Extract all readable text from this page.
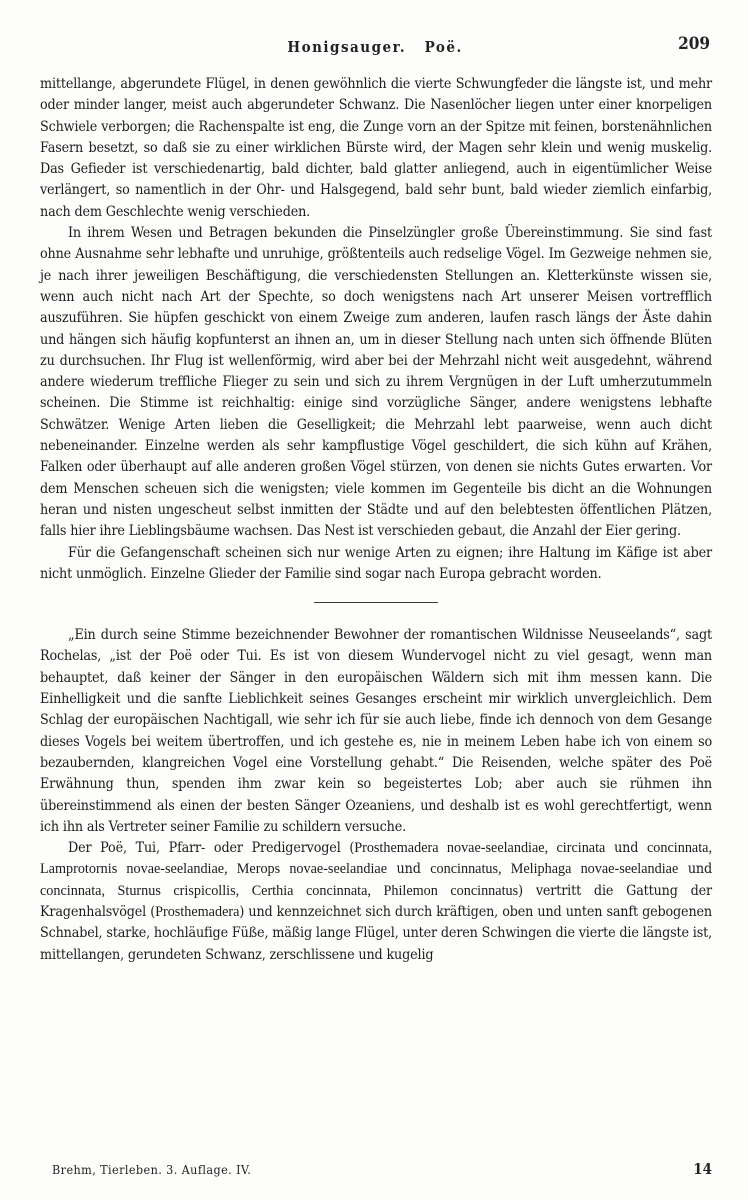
Honigsauger.   Poë.	209

mittellange, abgerundete Flügel, in denen gewöhnlich die vierte Schwungfeder die längste ist, und mehr oder minder langer, meist auch abgerundeter Schwanz. Die Nasenlöcher liegen unter einer knorpeligen Schwiele verborgen; die Rachenspalte ist eng, die Zunge vorn an der Spitze mit feinen, borstenähnlichen Fasern besetzt, so daß sie zu einer wirklichen Bürste wird, der Magen sehr klein und wenig muskelig. Das Gefieder ist verschiedenartig, bald dichter, bald glatter anliegend, auch in eigentümlicher Weise verlängert, so namentlich in der Ohr- und Halsgegend, bald sehr bunt, bald wieder ziemlich einfarbig, nach dem Geschlechte wenig verschieden.

In ihrem Wesen und Betragen bekunden die Pinselzüngler große Übereinstimmung. Sie sind fast ohne Ausnahme sehr lebhafte und unruhige, größtenteils auch redselige Vögel. Im Gezweige nehmen sie, je nach ihrer jeweiligen Beschäftigung, die verschiedensten Stellungen an. Kletterkünste wissen sie, wenn auch nicht nach Art der Spechte, so doch wenigstens nach Art unserer Meisen vortrefflich auszuführen. Sie hüpfen geschickt von einem Zweige zum anderen, laufen rasch längs der Äste dahin und hängen sich häufig kopfunterst an ihnen an, um in dieser Stellung nach unten sich öffnende Blüten zu durchsuchen. Ihr Flug ist wellenförmig, wird aber bei der Mehrzahl nicht weit ausgedehnt, während andere wiederum treffliche Flieger zu sein und sich zu ihrem Vergnügen in der Luft umherzutummeln scheinen. Die Stimme ist reichhaltig: einige sind vorzügliche Sänger, andere wenigstens lebhafte Schwätzer. Wenige Arten lieben die Geselligkeit; die Mehrzahl lebt paarweise, wenn auch dicht nebeneinander. Einzelne werden als sehr kampflustige Vögel geschildert, die sich kühn auf Krähen, Falken oder überhaupt auf alle anderen großen Vögel stürzen, von denen sie nichts Gutes erwarten. Vor dem Menschen scheuen sich die wenigsten; viele kommen im Gegenteile bis dicht an die Wohnungen heran und nisten ungescheut selbst inmitten der Städte und auf den belebtesten öffentlichen Plätzen, falls hier ihre Lieblingsbäume wachsen. Das Nest ist verschieden gebaut, die Anzahl der Eier gering.

Für die Gefangenschaft scheinen sich nur wenige Arten zu eignen; ihre Haltung im Käfige ist aber nicht unmöglich. Einzelne Glieder der Familie sind sogar nach Europa gebracht worden.

„Ein durch seine Stimme bezeichnender Bewohner der romantischen Wildnisse Neuseelands“, sagt Rochelas, „ist der Poë oder Tui. Es ist von diesem Wundervogel nicht zu viel gesagt, wenn man behauptet, daß keiner der Sänger in den europäischen Wäldern sich mit ihm messen kann. Die Einhelligkeit und die sanfte Lieblichkeit seines Gesanges erscheint mir wirklich unvergleichlich. Dem Schlag der europäischen Nachtigall, wie sehr ich für sie auch liebe, finde ich dennoch von dem Gesange dieses Vogels bei weitem übertroffen, und ich gestehe es, nie in meinem Leben habe ich von einem so bezaubernden, klangreichen Vogel eine Vorstellung gehabt.“ Die Reisenden, welche später des Poë Erwähnung thun, spenden ihm zwar kein so begeistertes Lob; aber auch sie rühmen ihn übereinstimmend als einen der besten Sänger Ozeaniens, und deshalb ist es wohl gerechtfertigt, wenn ich ihn als Vertreter seiner Familie zu schildern versuche.

Der Poë, Tui, Pfarr- oder Predigervogel (Prosthemadera novae-seelandiae, circinata und concinnata, Lamprotornis novae-seelandiae, Merops novae-seelandiae und concinnatus, Meliphaga novae-seelandiae und concinnata, Sturnus crispicollis, Certhia concinnata, Philemon concinnatus) vertritt die Gattung der Kragenhalsvögel (Prosthemadera) und kennzeichnet sich durch kräftigen, oben und unten sanft gebogenen Schnabel, starke, hochläufige Füße, mäßig lange Flügel, unter deren Schwingen die vierte die längste ist, mittellangen, gerundeten Schwanz, zerschlissene und kugelig

Brehm, Tierleben. 3. Auflage. IV.	14
